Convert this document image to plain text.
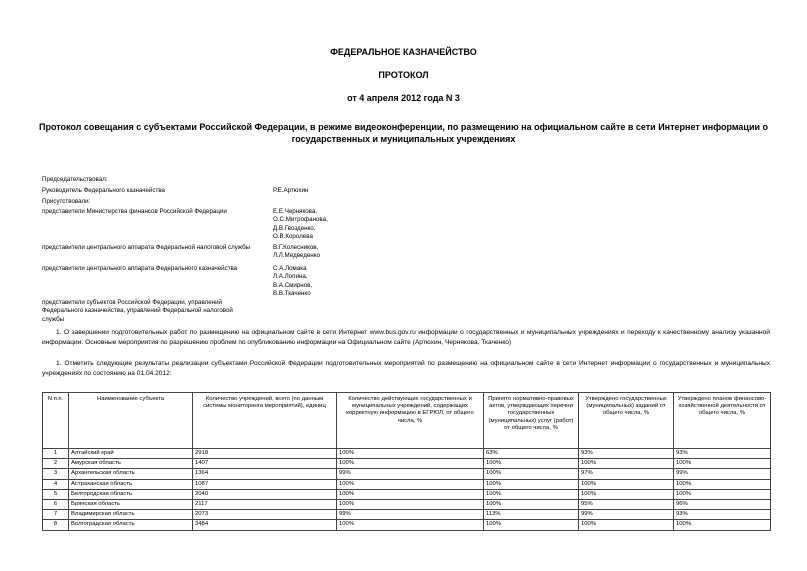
ФЕДЕРАЛЬНОЕ КАЗНАЧЕЙСТВО
ПРОТОКОЛ
от 4 апреля 2012 года N 3
Протокол совещания с субъектами Российской Федерации, в режиме видеоконференции, по размещению на официальном сайте в сети Интернет информации о государственных и муниципальных учреждениях
Председательствовал:
Руководитель Федерального казначейства	Р.Е.Артюхин
Присутствовали:
представители Министерства финансов Российской Федерации	Е.Е.Чернякова,
О.С.Митрофанова,
Д.В.Гвозденко,
О.В.Королева
представители центрального аппарата Федеральной налоговой службы	В.Г.Колесников,
Л.Л.Медведенко
представители центрального аппарата Федерального казначейства	С.А.Ломака
Л.А.Лопина,
В.А.Смирнов,
В.В.Ткаченко
представители субъектов Российской Федерации, управлений
Федерального казначейства, управлений Федеральной налоговой
службы
1. О завершении подготовительных работ по размещению на официальном сайте в сети Интернет www.bus.gov.ru информации о государственных и муниципальных учреждениях и переходу к качественному анализу указанной информации. Основные мероприятия по разрешению проблем по опубликованию информации на Официальном сайте (Артюхин, Чернякова, Ткаченко)
1. Отметить следующие результаты реализации субъектами Российской Федерации подготовительных мероприятий по размещению на официальном сайте в сети Интернет информации о государственных и муниципальных учреждениях по состоянию на 01.04.2012:
N п.п.	Наименование субъекта	Количество учреждений, всего (по данным системы мониторинга мероприятий), единиц	Количество действующих государственных и муниципальных учреждений, содержащих корректную информацию в ЕГРЮЛ, от общего числа, %	Принято нормативно-правовых актов, утверждающих перечни государственных (муниципальных) услуг (работ) от общего числа, %	Утверждено государственных (муниципальных) заданий от общего числа, %	Утверждено планов финансово-хозяйственной деятельности от общего числа, %
1	Алтайский край	2918	100%	63%	93%	93%
2	Амурская область	1407	100%	100%	100%	100%
3	Архангельская область	1364	99%	100%	97%	99%
4	Астраханская область	1087	100%	100%	100%	100%
5	Белгородская область	2040	100%	100%	100%	100%
6	Брянская область	2117	100%	100%	95%	96%
7	Владимирская область	2073	99%	113%	99%	93%
8	Волгоградская область	3484	100%	100%	100%	100%
